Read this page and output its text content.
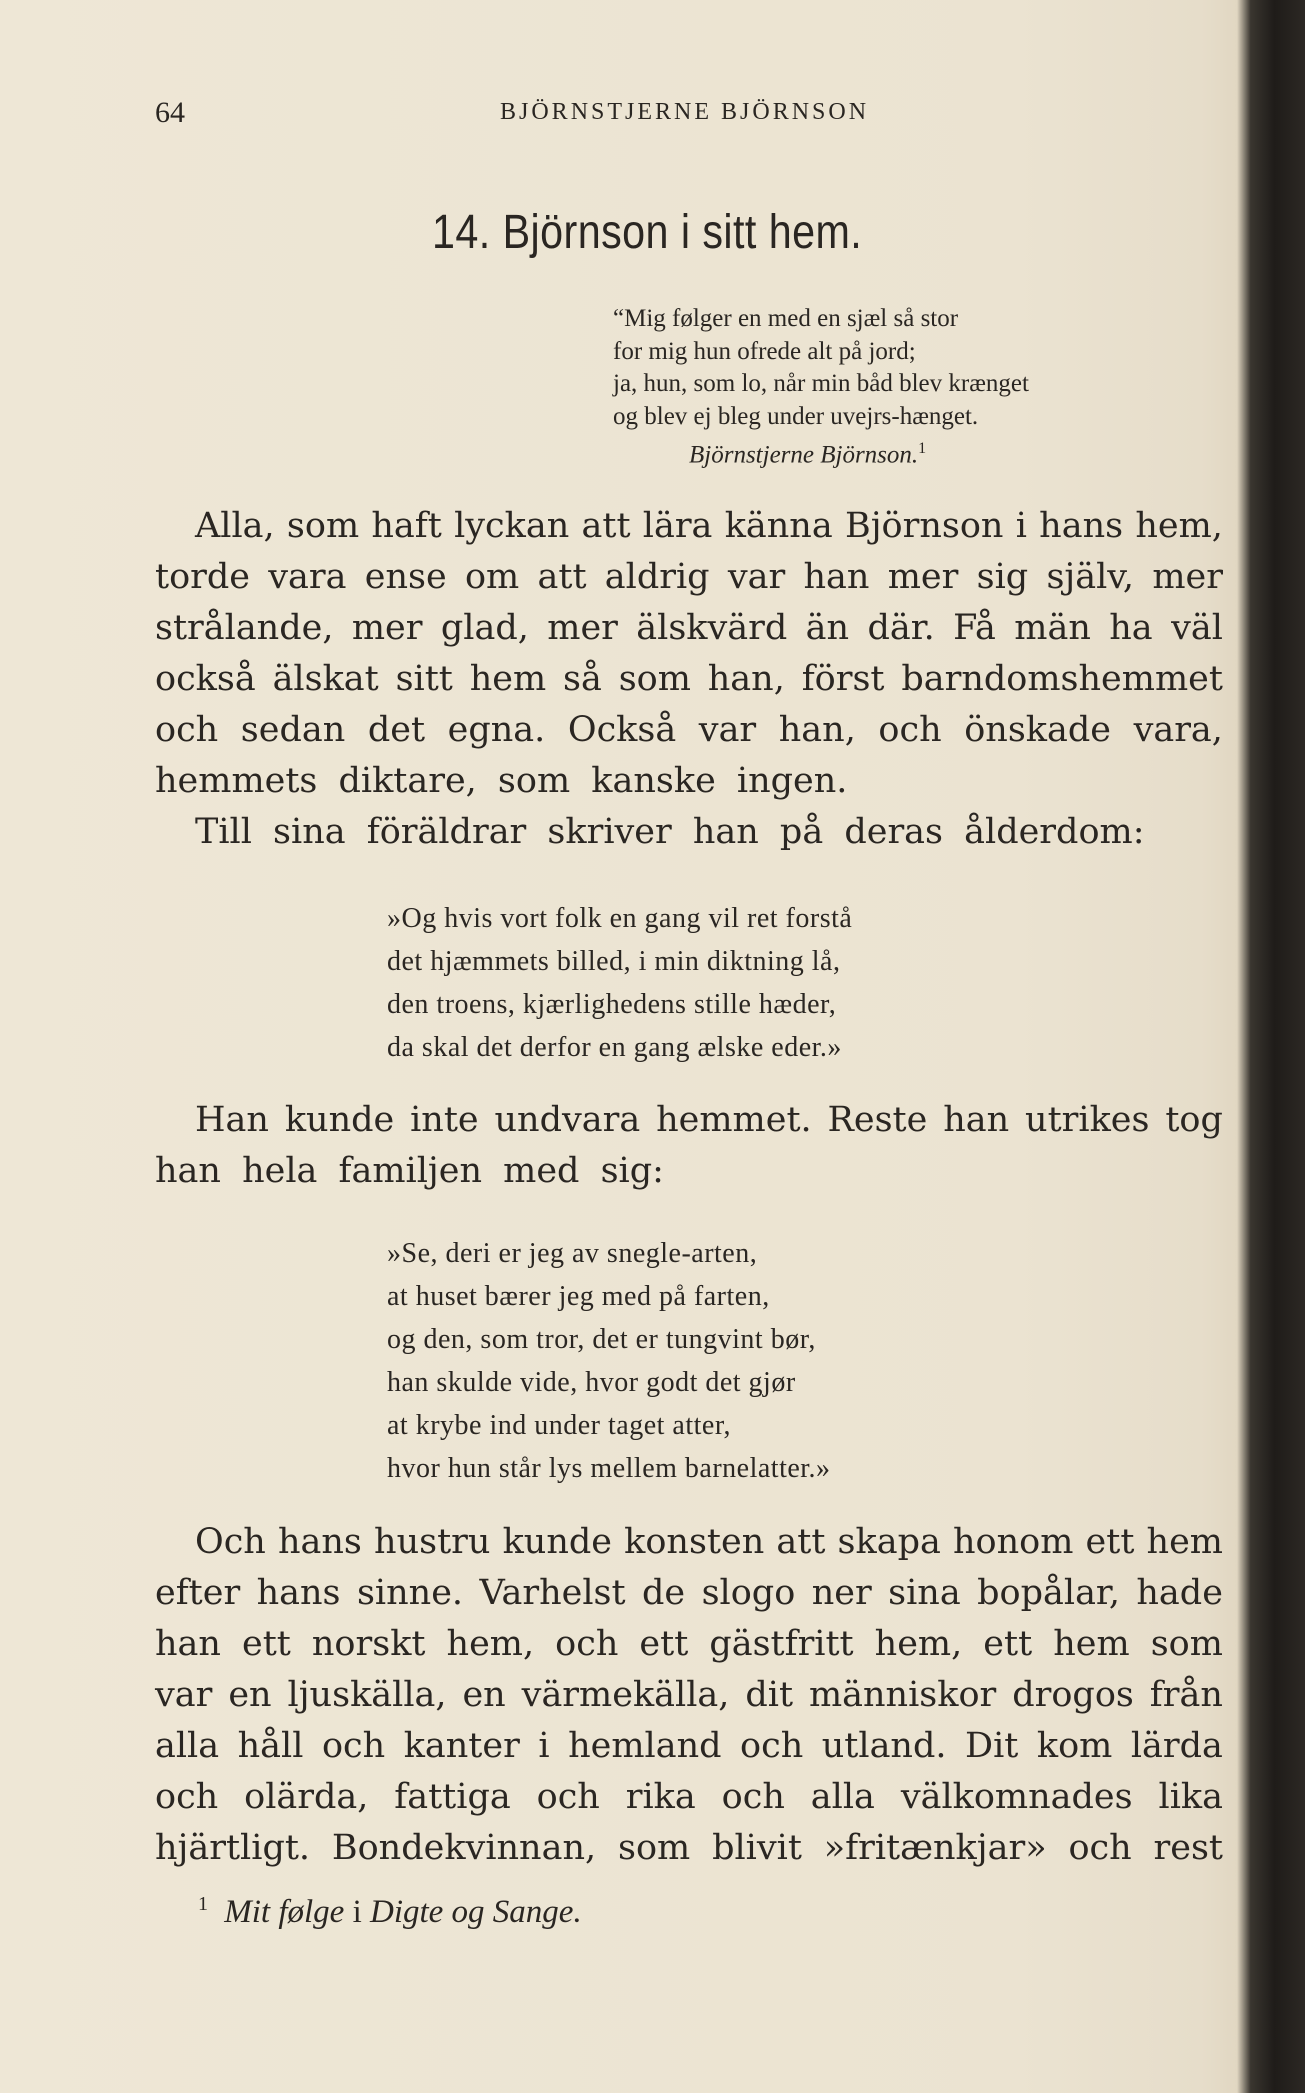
64	BJÖRNSTJERNE BJÖRNSON
14. Björnson i sitt hem.
“Mig følger en med en sjæl så stor
for mig hun ofrede alt på jord;
ja, hun, som lo, når min båd blev krænget
og blev ej bleg under uvejrs-hænget.
Björnstjerne Björnson.$^1$
Alla, som haft lyckan att lära känna Björnson i hans hem,
torde vara ense om att aldrig var han mer sig själv, mer
strålande, mer glad, mer älskvärd än där. Få män ha väl
också älskat sitt hem så som han, först barndomshemmet
och sedan det egna. Också var han, och önskade vara,
hemmets diktare, som kanske ingen.
Till sina föräldrar skriver han på deras ålderdom:
»Og hvis vort folk en gang vil ret forstå
det hjæmmets billed, i min diktning lå,
den troens, kjærlighedens stille hæder,
da skal det derfor en gang ælske eder.»
Han kunde inte undvara hemmet. Reste han utrikes tog
han hela familjen med sig:
»Se, deri er jeg av snegle-arten,
at huset bærer jeg med på farten,
og den, som tror, det er tungvint bør,
han skulde vide, hvor godt det gjør
at krybe ind under taget atter,
hvor hun står lys mellem barnelatter.»
Och hans hustru kunde konsten att skapa honom ett hem
efter hans sinne. Varhelst de slogo ner sina bopålar, hade
han ett norskt hem, och ett gästfritt hem, ett hem som
var en ljuskälla, en värmekälla, dit människor drogos från
alla håll och kanter i hemland och utland. Dit kom lärda
och olärda, fattiga och rika och alla välkomnades lika
hjärtligt. Bondekvinnan, som blivit »fritænkjar» och rest
$^1$ Mit følge i Digte og Sange.
